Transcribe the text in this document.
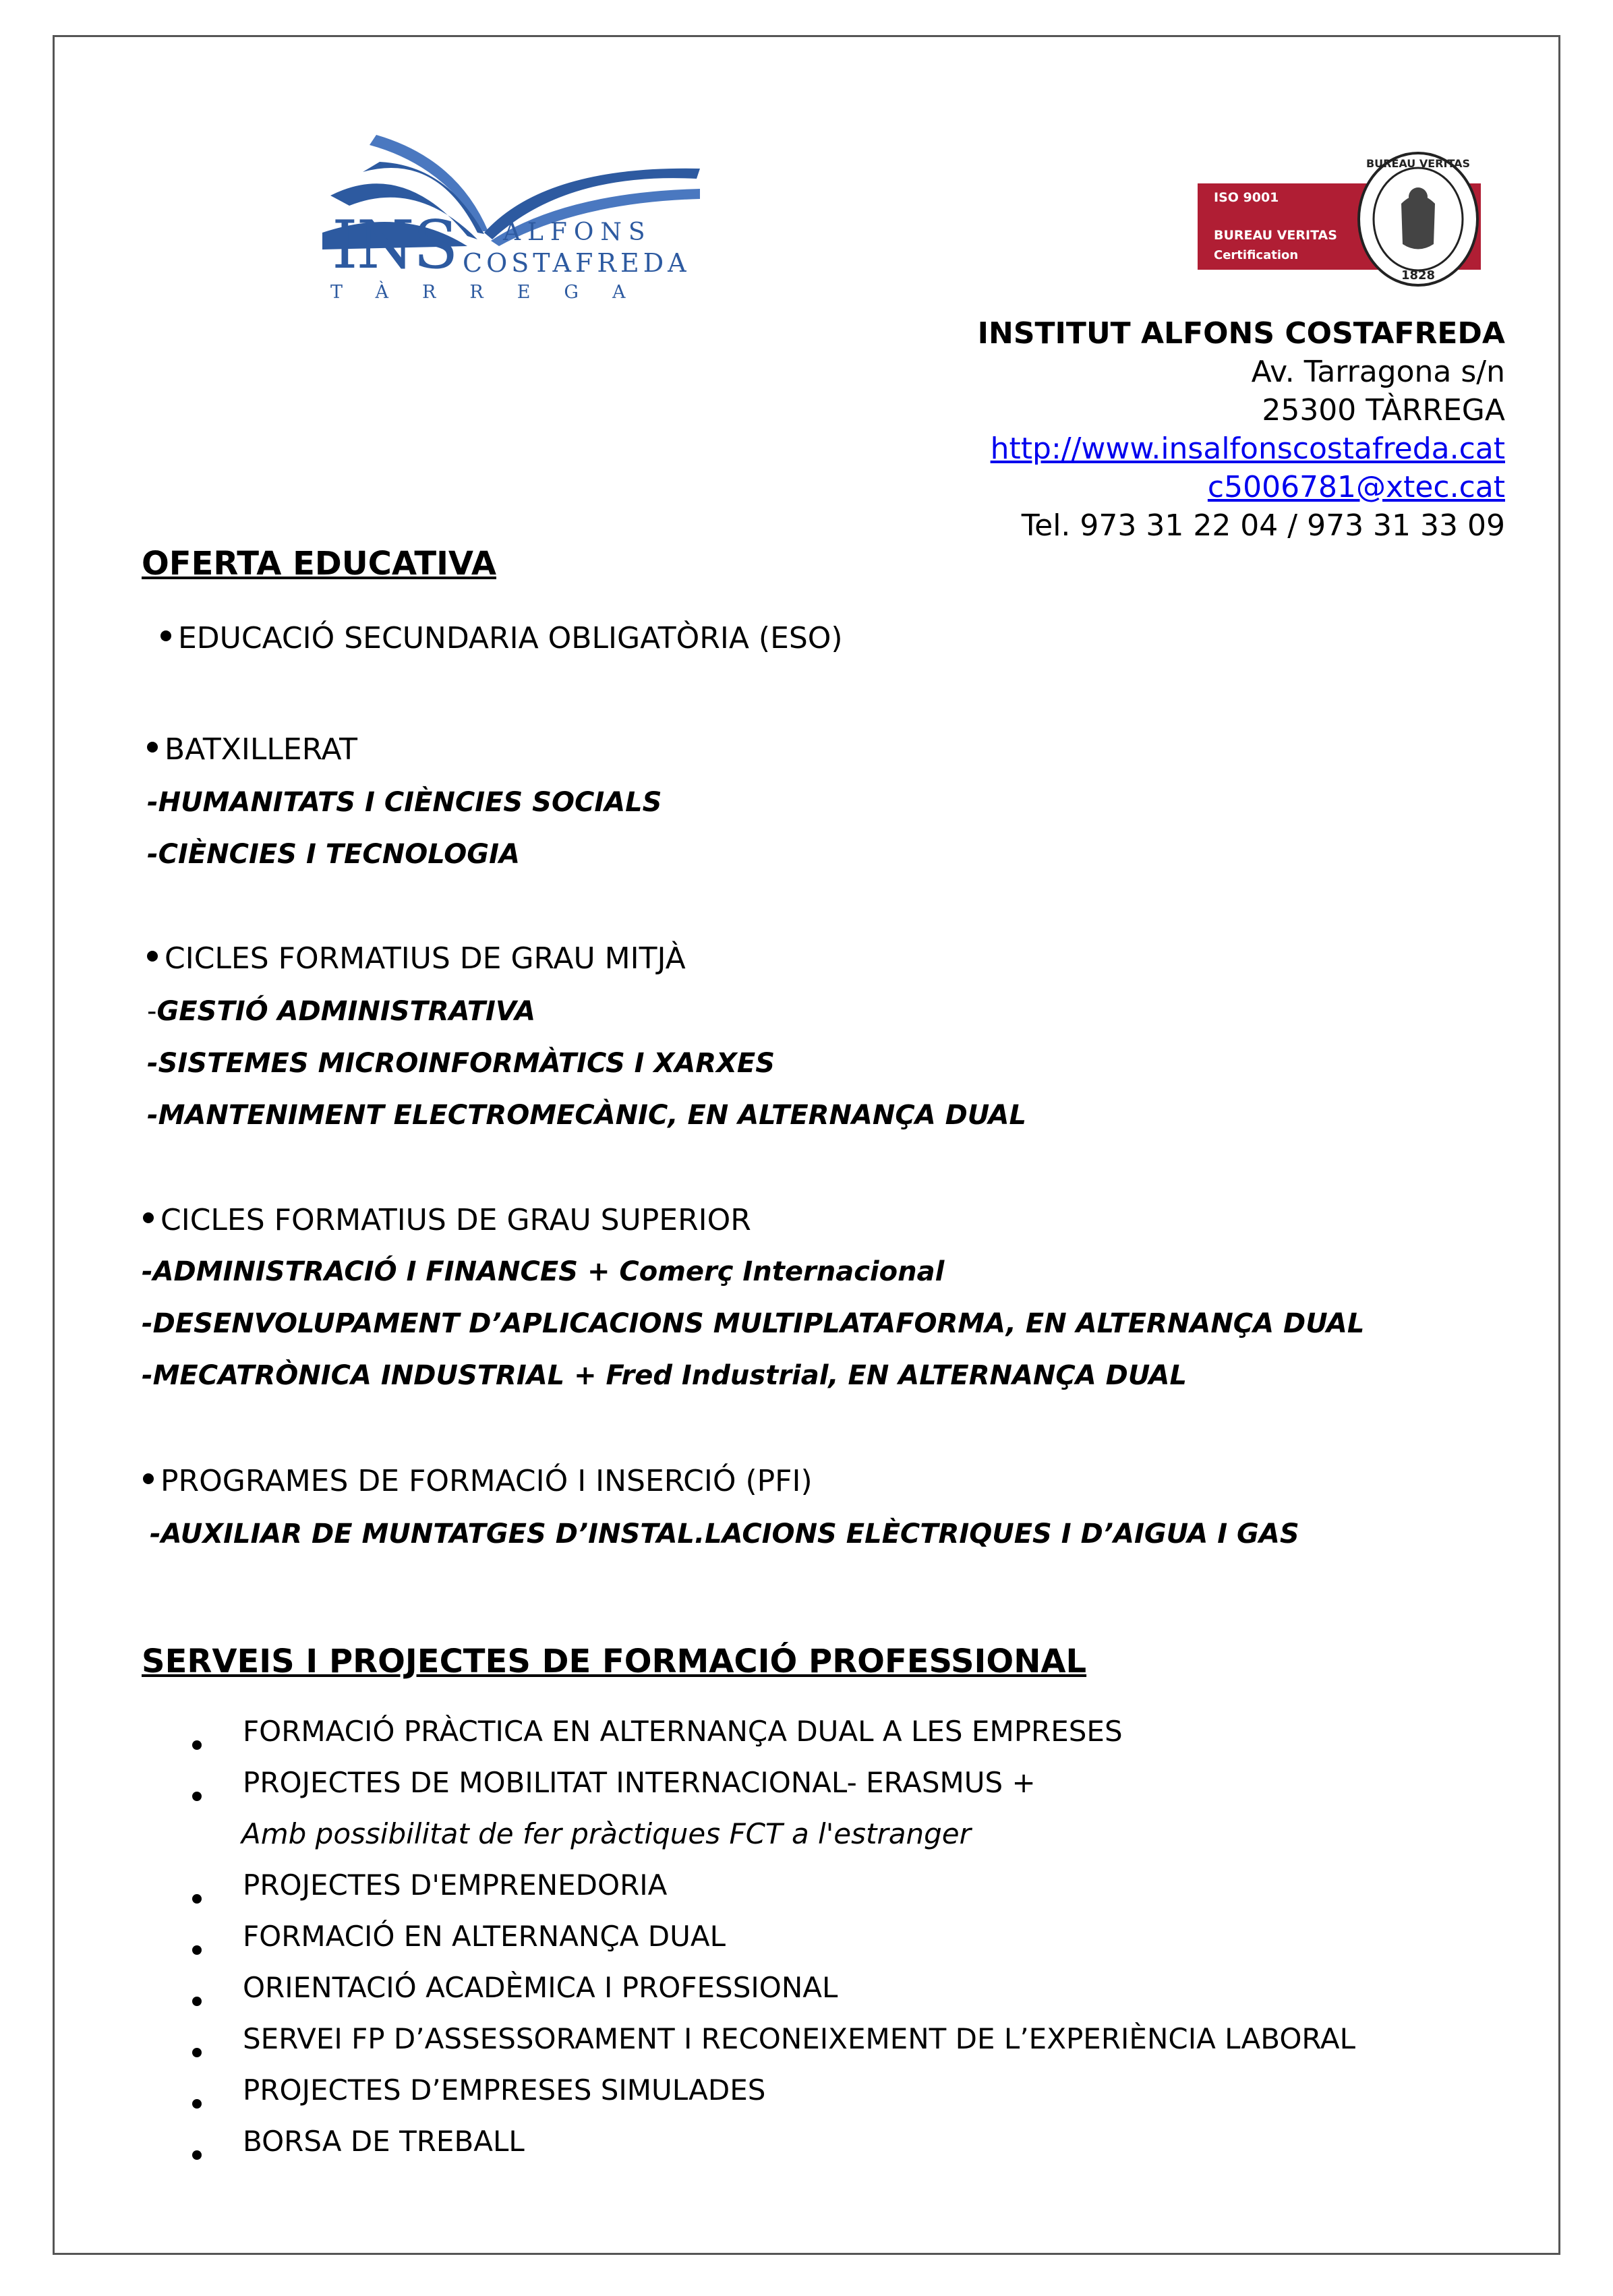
INS ALFONS
COSTAFREDA
TÀRREGA
ISO 9001
BUREAU VERITAS
Certification
BUREAU VERITAS
1828
INSTITUT ALFONS COSTAFREDA
Av. Tarragona s/n
25300 TÀRREGA
http://www.insalfonscostafreda.cat
c5006781@xtec.cat
Tel. 973 31 22 04 / 973 31 33 09
OFERTA EDUCATIVA
EDUCACIÓ SECUNDARIA OBLIGATÒRIA (ESO)
BATXILLERAT
-HUMANITATS I CIÈNCIES SOCIALS
-CIÈNCIES I TECNOLOGIA
CICLES FORMATIUS DE GRAU MITJÀ
-GESTIÓ ADMINISTRATIVA
-SISTEMES MICROINFORMÀTICS I XARXES
-MANTENIMENT ELECTROMECÀNIC, EN ALTERNANÇA DUAL
CICLES FORMATIUS DE GRAU SUPERIOR
-ADMINISTRACIÓ I FINANCES + Comerç Internacional
-DESENVOLUPAMENT D’APLICACIONS MULTIPLATAFORMA, EN ALTERNANÇA DUAL
-MECATRÒNICA INDUSTRIAL + Fred Industrial, EN ALTERNANÇA DUAL
PROGRAMES DE FORMACIÓ I INSERCIÓ (PFI)
-AUXILIAR DE MUNTATGES D’INSTAL.LACIONS ELÈCTRIQUES I D’AIGUA I GAS
SERVEIS I PROJECTES DE FORMACIÓ PROFESSIONAL
FORMACIÓ PRÀCTICA EN ALTERNANÇA DUAL A LES EMPRESES
PROJECTES DE MOBILITAT INTERNACIONAL- ERASMUS +
Amb possibilitat de fer pràctiques FCT a l'estranger
PROJECTES D'EMPRENEDORIA
FORMACIÓ EN ALTERNANÇA DUAL
ORIENTACIÓ ACADÈMICA I PROFESSIONAL
SERVEI FP D’ASSESSORAMENT I RECONEIXEMENT DE L’EXPERIÈNCIA LABORAL
PROJECTES D’EMPRESES SIMULADES
BORSA DE TREBALL
